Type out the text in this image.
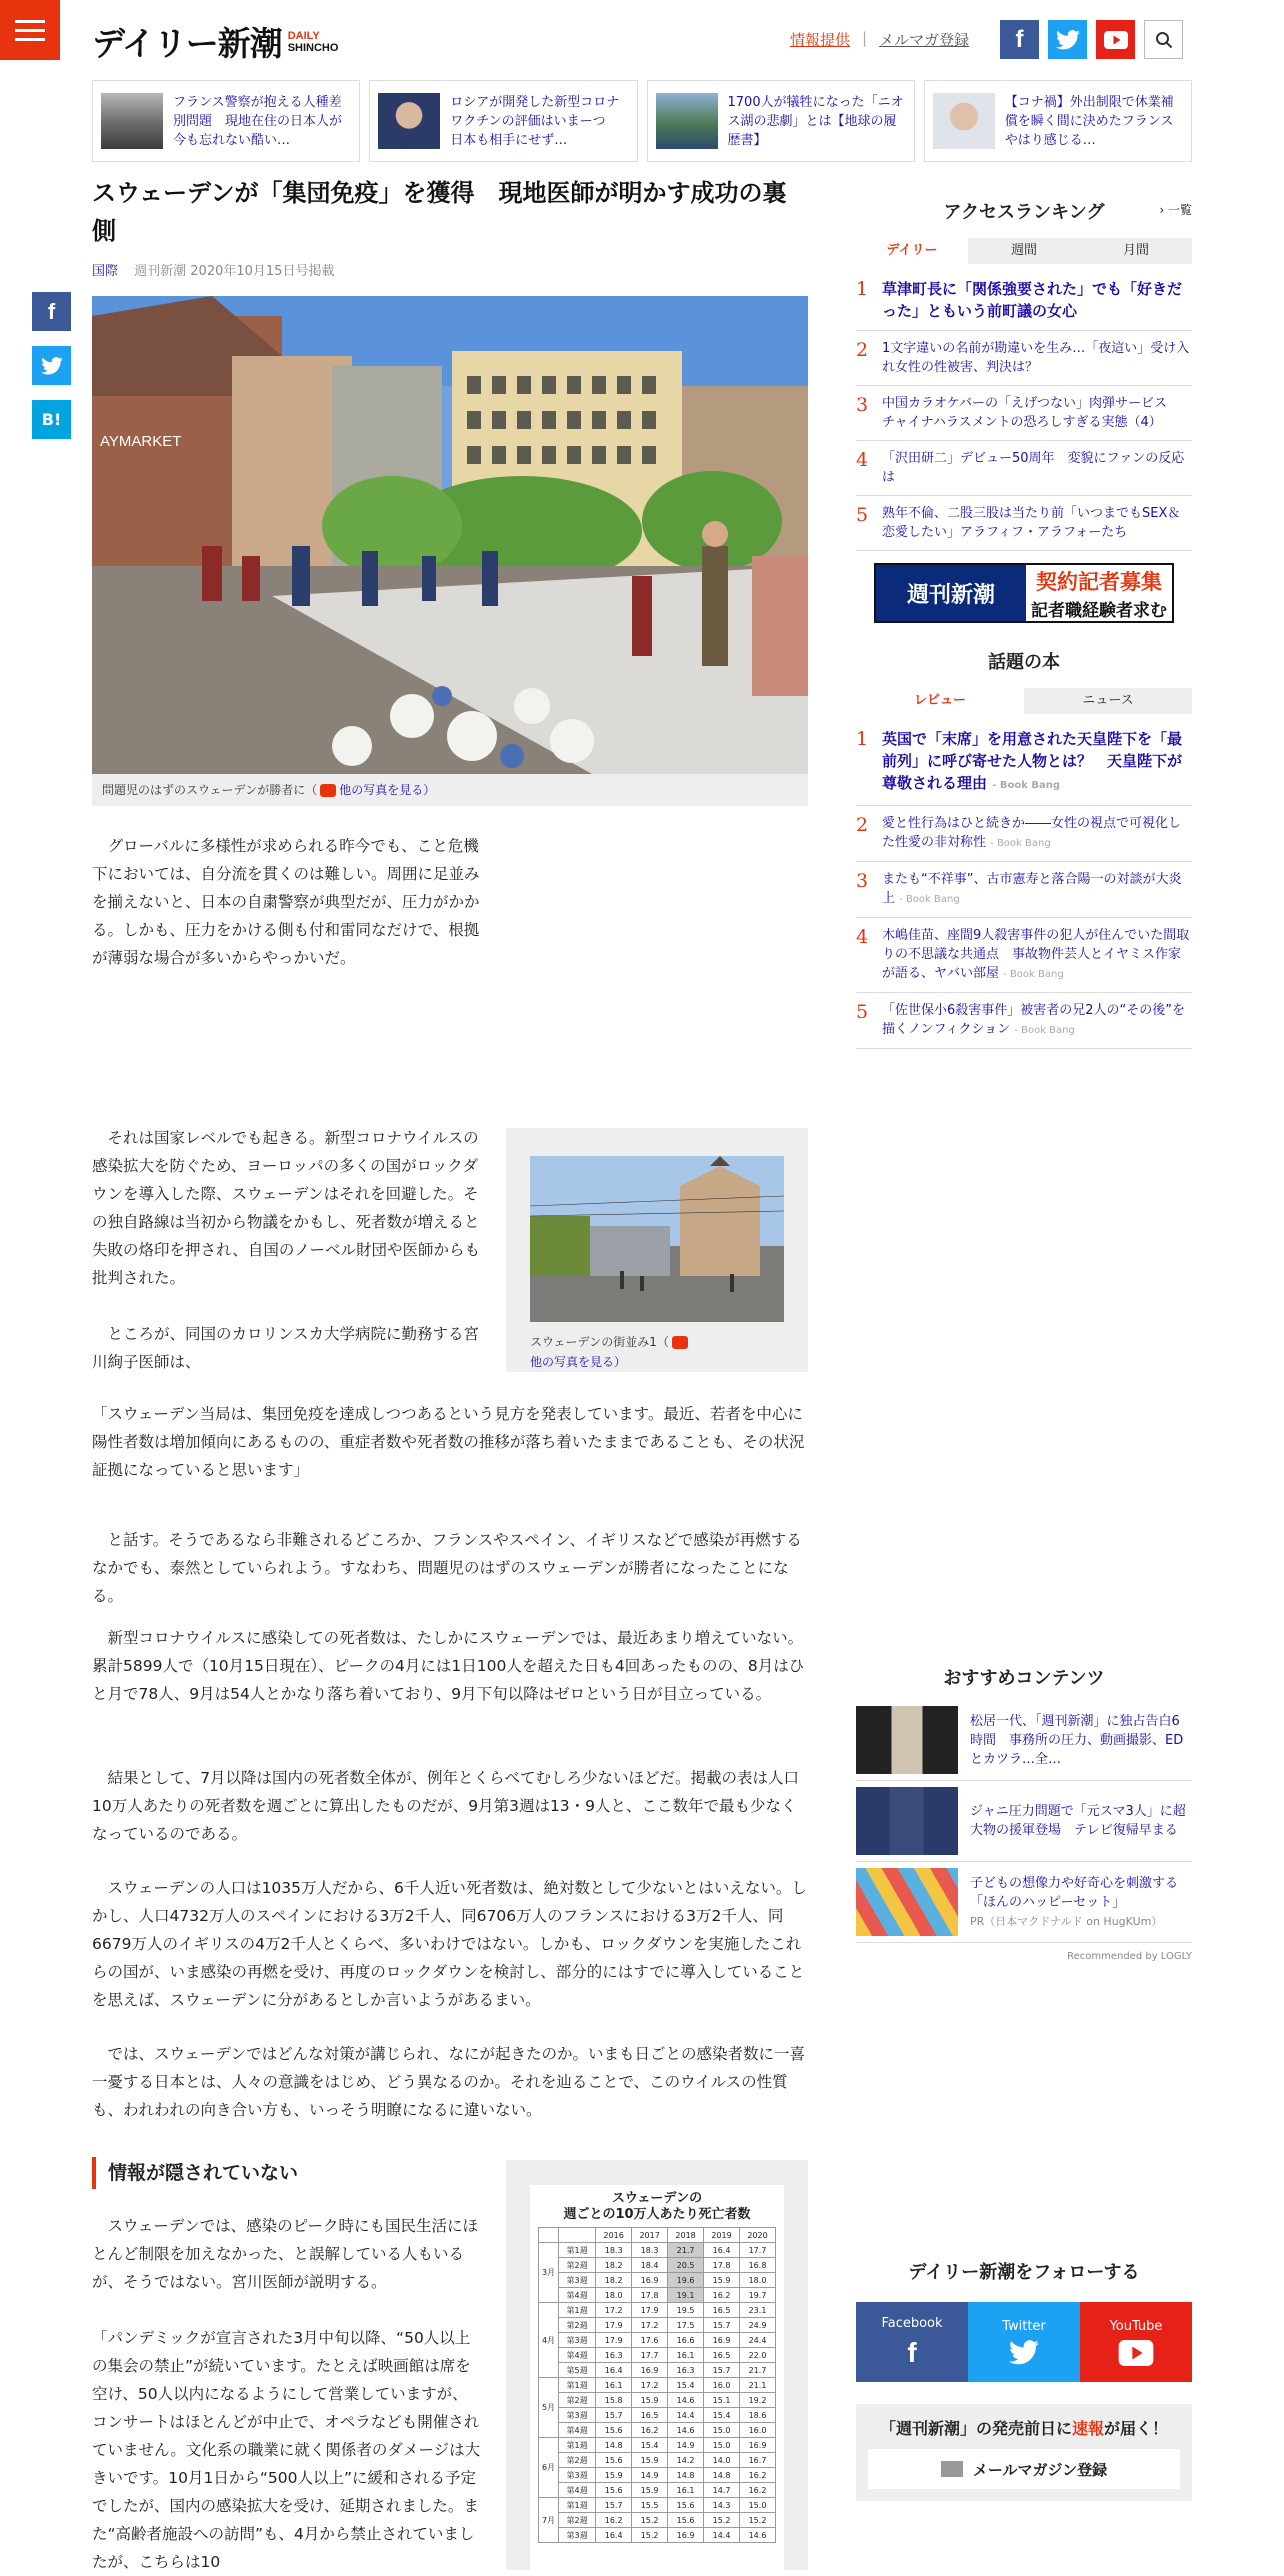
デイリー新潮 DAILY
SHINCHO	情報提供 | メルマガ登録	f
フランス警察が抱える人種差別問題　現地在住の日本人が今も忘れない酷い…
ロシアが開発した新型コロナワクチンの評価はいまーつ　日本も相手にせず…
1700人が犠牲になった「ニオス湖の悲劇」とは【地球の履歴書】
【コナ禍】外出制限で休業補償を瞬く間に決めたフランス　やはり感じる…
f
B!
スウェーデンが「集団免疫」を獲得　現地医師が明かす成功の裏側
国際 週刊新潮 2020年10月15日号掲載
AYMARKET
問題児のはずのスウェーデンが勝者に（ 他の写真を見る）
グローバルに多様性が求められる昨今でも、こと危機下においては、自分流を貫くのは難しい。周囲に足並みを揃えないと、日本の自粛警察が典型だが、圧力がかかる。しかも、圧力をかける側も付和雷同なだけで、根拠が薄弱な場合が多いからやっかいだ。
それは国家レベルでも起きる。新型コロナウイルスの感染拡大を防ぐため、ヨーロッパの多くの国がロックダウンを導入した際、スウェーデンはそれを回避した。その独自路線は当初から物議をかもし、死者数が増えると失敗の烙印を押され、自国のノーベル財団や医師からも批判された。
ところが、同国のカロリンスカ大学病院に勤務する宮川絢子医師は、
スウェーデンの街並み1（他の写真を見る）
「スウェーデン当局は、集団免疫を達成しつつあるという見方を発表しています。最近、若者を中心に陽性者数は増加傾向にあるものの、重症者数や死者数の推移が落ち着いたままであることも、その状況証拠になっていると思います」
と話す。そうであるなら非難されるどころか、フランスやスペイン、イギリスなどで感染が再燃するなかでも、泰然としていられよう。すなわち、問題児のはずのスウェーデンが勝者になったことになる。
新型コロナウイルスに感染しての死者数は、たしかにスウェーデンでは、最近あまり増えていない。累計5899人で（10月15日現在）、ピークの4月には1日100人を超えた日も4回あったものの、8月はひと月で78人、9月は54人とかなり落ち着いており、9月下旬以降はゼロという日が目立っている。
結果として、7月以降は国内の死者数全体が、例年とくらべてむしろ少ないほどだ。掲載の表は人口10万人あたりの死者数を週ごとに算出したものだが、9月第3週は13・9人と、ここ数年で最も少なくなっているのである。
スウェーデンの人口は1035万人だから、6千人近い死者数は、絶対数として少ないとはいえない。しかし、人口4732万人のスペインにおける3万2千人、同6706万人のフランスにおける3万2千人、同6679万人のイギリスの4万2千人とくらべ、多いわけではない。しかも、ロックダウンを実施したこれらの国が、いま感染の再燃を受け、再度のロックダウンを検討し、部分的にはすでに導入していることを思えば、スウェーデンに分があるとしか言いようがあるまい。
では、スウェーデンではどんな対策が講じられ、なにが起きたのか。いまも日ごとの感染者数に一喜一憂する日本とは、人々の意識をはじめ、どう異なるのか。それを辿ることで、このウイルスの性質も、われわれの向き合い方も、いっそう明瞭になるに違いない。
情報が隠されていない
スウェーデンでは、感染のピーク時にも国民生活にほとんど制限を加えなかった、と誤解している人もいるが、そうではない。宮川医師が説明する。
「パンデミックが宣言された3月中旬以降、“50人以上の集会の禁止”が続いています。たとえば映画館は席を空け、50人以内になるようにして営業していますが、コンサートはほとんどが中止で、オペラなども開催されていません。文化系の職業に就く関係者のダメージは大きいです。10月1日から“500人以上”に緩和される予定でしたが、国内の感染拡大を受け、延期されました。また“高齢者施設への訪問”も、4月から禁止されていましたが、こちらは10
スウェーデンの
週ごとの10万人あたり死亡者数
		2016	2017	2018	2019	2020
3月	第1週	18.3	18.3	21.7	16.4	17.7
	第2週	18.2	18.4	20.5	17.8	16.8
	第3週	18.2	16.9	19.6	15.9	18.0
	第4週	18.0	17.8	19.1	16.2	19.7
4月	第1週	17.2	17.9	19.5	16.5	23.1
	第2週	17.9	17.2	17.5	15.7	24.9
	第3週	17.9	17.6	16.6	16.9	24.4
	第4週	16.3	17.7	16.1	16.5	22.0
	第5週	16.4	16.9	16.3	15.7	21.7
5月	第1週	16.1	17.2	15.4	16.0	21.1
	第2週	15.8	15.9	14.6	15.1	19.2
	第3週	15.7	16.5	14.4	15.4	18.6
	第4週	15.6	16.2	14.6	15.0	16.0
6月	第1週	14.8	15.4	14.9	15.0	16.9
	第2週	15.6	15.9	14.2	14.0	16.7
	第3週	15.9	14.9	14.8	14.8	16.2
	第4週	15.6	15.9	16.1	14.7	16.2
7月	第1週	15.7	15.5	15.6	14.3	15.0
	第2週	16.2	15.2	15.6	15.2	15.2
	第3週	16.4	15.2	16.9	14.4	14.6
アクセスランキング	› 一覧
デイリー	週間	月間
1 草津町長に「関係強要された」でも「好きだった」ともいう前町議の女心
2 1文字違いの名前が勘違いを生み…「夜這い」受け入れ女性の性被害、判決は？
3 中国カラオケバーの「えげつない」肉弾サービス　チャイナハラスメントの恐ろしすぎる実態（4）
4 「沢田研二」デビュー50周年　変貌にファンの反応は
5 熟年不倫、二股三股は当たり前「いつまでもSEX＆恋愛したい」アラフィフ・アラフォーたち
週刊新潮
契約記者募集
記者職経験者求む
話題の本
レビュー	ニュース
1 英国で「末席」を用意された天皇陛下を「最前列」に呼び寄せた人物とは？　天皇陛下が尊敬される理由 - Book Bang
2 愛と性行為はひと続きか――女性の視点で可視化した性愛の非対称性 - Book Bang
3 またも“不祥事”、古市憲寿と落合陽一の対談が大炎上 - Book Bang
4 木嶋佳苗、座間9人殺害事件の犯人が住んでいた間取りの不思議な共通点　事故物件芸人とイヤミス作家が語る、ヤバい部屋 - Book Bang
5 「佐世保小6殺害事件」被害者の兄2人の“その後”を描くノンフィクション - Book Bang
おすすめコンテンツ
松居一代、「週刊新潮」に独占告白6時間　事務所の圧力、動画撮影、EDとカツラ…全…
ジャニ圧力問題で「元スマ3人」に超大物の援軍登場　テレビ復帰早まる
子どもの想像力や好奇心を刺激する「ほんのハッピーセット」
PR（日本マクドナルド on HugKUm）
Recommended by LOGLY
デイリー新潮をフォローする
Facebook
f
Twitter	YouTube
「週刊新潮」の発売前日に速報が届く！
メールマガジン登録
